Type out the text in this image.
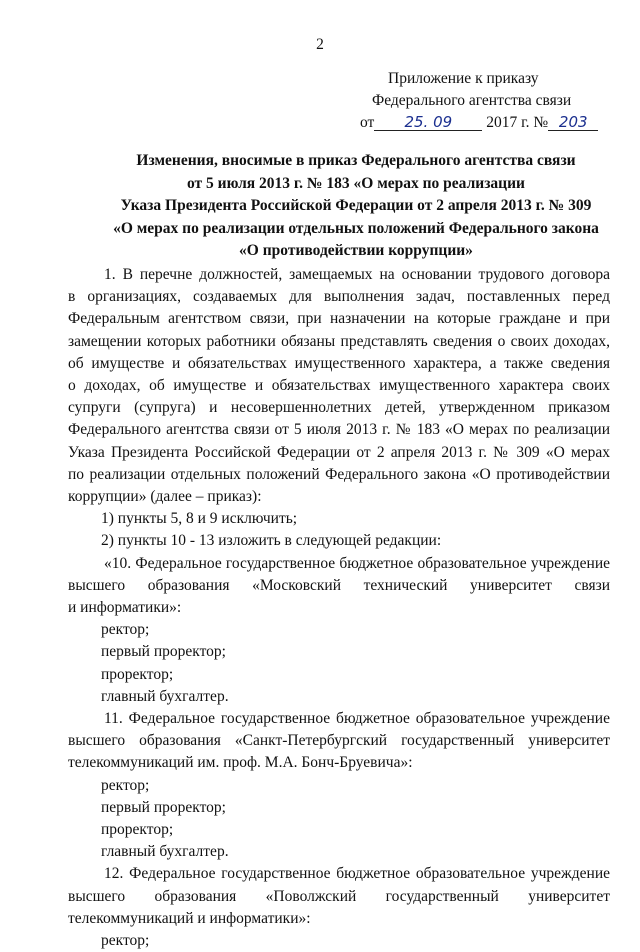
2
Приложение к приказу
Федерального агентства связи
от 25. 09 2017 г. № 203
Изменения, вносимые в приказ Федерального агентства связи
от 5 июля 2013 г. № 183 «О мерах по реализации
Указа Президента Российской Федерации от 2 апреля 2013 г. № 309
«О мерах по реализации отдельных положений Федерального закона
«О противодействии коррупции»
1. В перечне должностей, замещаемых на основании трудового договора
в организациях, создаваемых для выполнения задач, поставленных перед
Федеральным агентством связи, при назначении на которые граждане и при
замещении которых работники обязаны представлять сведения о своих доходах,
об имуществе и обязательствах имущественного характера, а также сведения
о доходах, об имуществе и обязательствах имущественного характера своих
супруги (супруга) и несовершеннолетних детей, утвержденном приказом
Федерального агентства связи от 5 июля 2013 г. № 183 «О мерах по реализации
Указа Президента Российской Федерации от 2 апреля 2013 г. № 309 «О мерах
по реализации отдельных положений Федерального закона «О противодействии
коррупции» (далее – приказ):
1) пункты 5, 8 и 9 исключить;
2) пункты 10 - 13 изложить в следующей редакции:
«10. Федеральное государственное бюджетное образовательное учреждение
высшего образования «Московский технический университет связи
и информатики»:
ректор;
первый проректор;
проректор;
главный бухгалтер.
11. Федеральное государственное бюджетное образовательное учреждение
высшего образования «Санкт-Петербургский государственный университет
телекоммуникаций им. проф. М.А. Бонч-Бруевича»:
ректор;
первый проректор;
проректор;
главный бухгалтер.
12. Федеральное государственное бюджетное образовательное учреждение
высшего образования «Поволжский государственный университет
телекоммуникаций и информатики»:
ректор;
